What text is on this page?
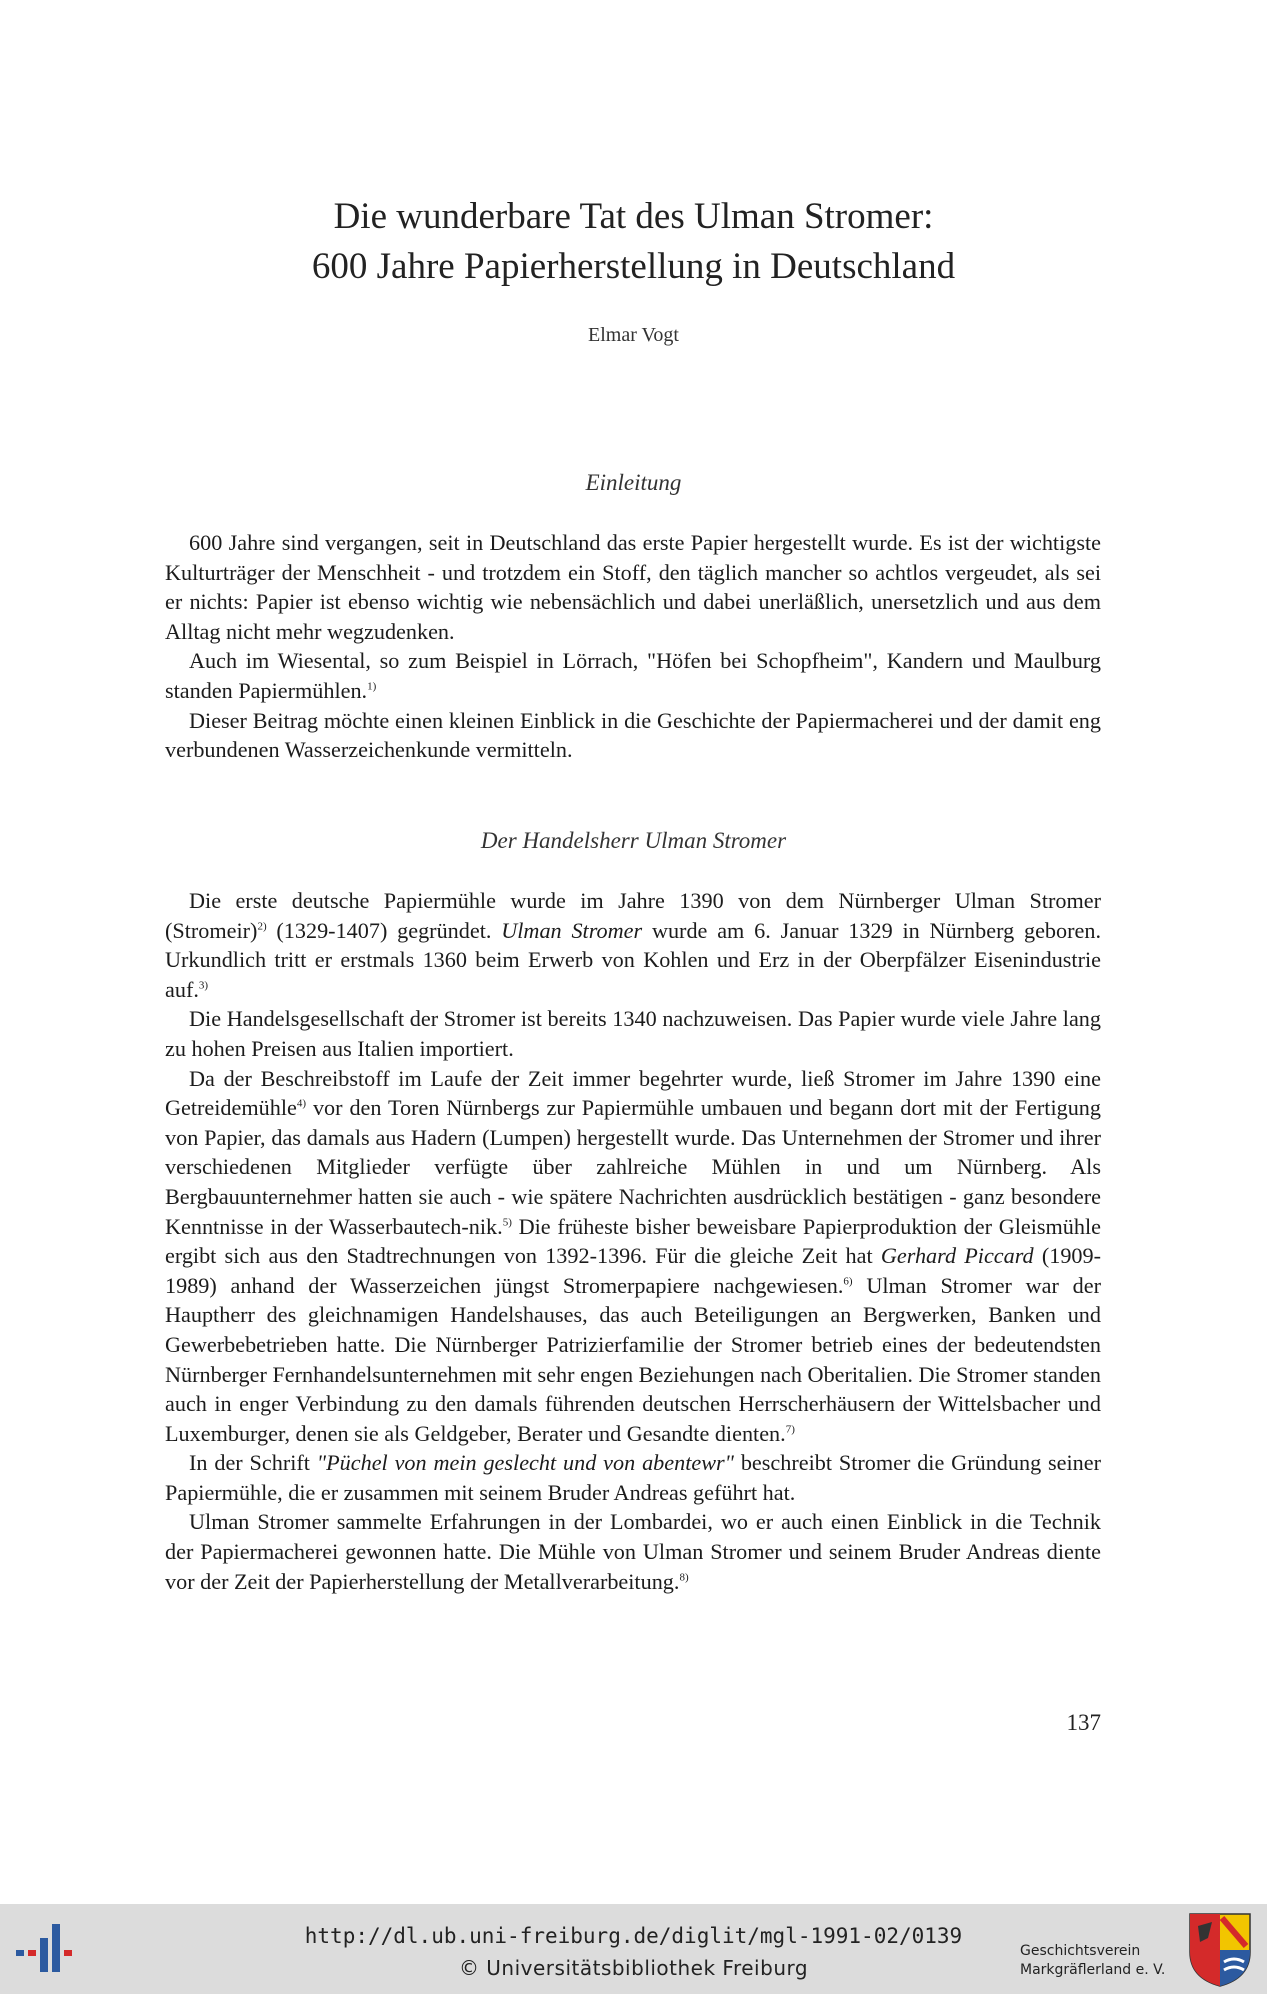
Die wunderbare Tat des Ulman Stromer:
600 Jahre Papierherstellung in Deutschland
Elmar Vogt
Einleitung

600 Jahre sind vergangen, seit in Deutschland das erste Papier hergestellt wurde. Es ist der wichtigste Kulturträger der Menschheit - und trotzdem ein Stoff, den täglich mancher so achtlos vergeudet, als sei er nichts: Papier ist ebenso wichtig wie nebensächlich und dabei unerläßlich, unersetzlich und aus dem Alltag nicht mehr wegzudenken.

Auch im Wiesental, so zum Beispiel in Lörrach, "Höfen bei Schopfheim", Kandern und Maulburg standen Papiermühlen.$^{1)}$

Dieser Beitrag möchte einen kleinen Einblick in die Geschichte der Papiermacherei und der damit eng verbundenen Wasserzeichenkunde vermitteln.

Der Handelsherr Ulman Stromer

Die erste deutsche Papiermühle wurde im Jahre 1390 von dem Nürnberger Ulman Stromer (Stromeir)$^{2)}$ (1329-1407) gegründet. Ulman Stromer wurde am 6. Januar 1329 in Nürnberg geboren. Urkundlich tritt er erstmals 1360 beim Erwerb von Kohlen und Erz in der Oberpfälzer Eisenindustrie auf.$^{3)}$

Die Handelsgesellschaft der Stromer ist bereits 1340 nachzuweisen. Das Papier wurde viele Jahre lang zu hohen Preisen aus Italien importiert.

Da der Beschreibstoff im Laufe der Zeit immer begehrter wurde, ließ Stromer im Jahre 1390 eine Getreidemühle$^{4)}$ vor den Toren Nürnbergs zur Papiermühle umbauen und begann dort mit der Fertigung von Papier, das damals aus Hadern (Lumpen) hergestellt wurde. Das Unternehmen der Stromer und ihrer verschiedenen Mitglieder verfügte über zahlreiche Mühlen in und um Nürnberg. Als Bergbauunternehmer hatten sie auch - wie spätere Nachrichten ausdrücklich bestätigen - ganz besondere Kenntnisse in der Wasserbautech-nik.$^{5)}$ Die früheste bisher beweisbare Papierproduktion der Gleismühle ergibt sich aus den Stadtrechnungen von 1392-1396. Für die gleiche Zeit hat Gerhard Piccard (1909-1989) anhand der Wasserzeichen jüngst Stromerpapiere nachgewiesen.$^{6)}$ Ulman Stromer war der Hauptherr des gleichnamigen Handelshauses, das auch Beteiligungen an Bergwerken, Banken und Gewerbebetrieben hatte. Die Nürnberger Patrizierfamilie der Stromer betrieb eines der bedeutendsten Nürnberger Fernhandelsunternehmen mit sehr engen Beziehungen nach Oberitalien. Die Stromer standen auch in enger Verbindung zu den damals führenden deutschen Herrscherhäusern der Wittelsbacher und Luxemburger, denen sie als Geldgeber, Berater und Gesandte dienten.$^{7)}$

In der Schrift "Püchel von mein geslecht und von abentewr" beschreibt Stromer die Gründung seiner Papiermühle, die er zusammen mit seinem Bruder Andreas geführt hat.

Ulman Stromer sammelte Erfahrungen in der Lombardei, wo er auch einen Einblick in die Technik der Papiermacherei gewonnen hatte. Die Mühle von Ulman Stromer und seinem Bruder Andreas diente vor der Zeit der Papierherstellung der Metallverarbeitung.$^{8)}$

137
http://dl.ub.uni-freiburg.de/diglit/mgl-1991-02/0139
© Universitätsbibliothek Freiburg
Geschichtsverein
Markgräflerland e. V.
